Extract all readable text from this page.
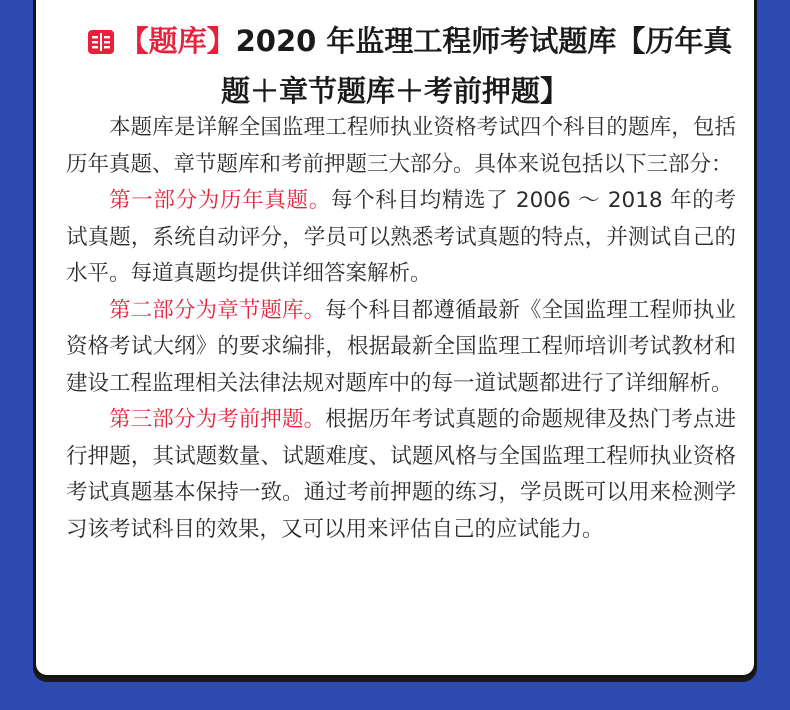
【题库】2020 年监理工程师考试题库【历年真
题＋章节题库＋考前押题】

本题库是详解全国监理工程师执业资格考试四个科目的题库，包括历年真题、章节题库和考前押题三大部分。具体来说包括以下三部分：

第一部分为历年真题。每个科目均精选了 2006 ～ 2018 年的考试真题，系统自动评分，学员可以熟悉考试真题的特点，并测试自己的水平。每道真题均提供详细答案解析。

第二部分为章节题库。每个科目都遵循最新《全国监理工程师执业资格考试大纲》的要求编排，根据最新全国监理工程师培训考试教材和建设工程监理相关法律法规对题库中的每一道试题都进行了详细解析。

第三部分为考前押题。根据历年考试真题的命题规律及热门考点进行押题，其试题数量、试题难度、试题风格与全国监理工程师执业资格考试真题基本保持一致。通过考前押题的练习，学员既可以用来检测学习该考试科目的效果，又可以用来评估自己的应试能力。
